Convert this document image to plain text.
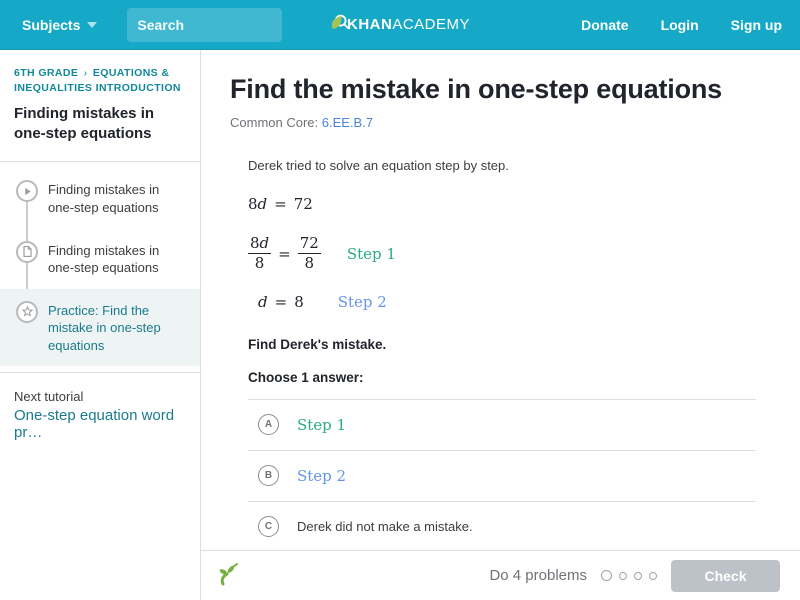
Subjects
Search	KHANACADEMY	Donate Login Sign up
6TH GRADE › EQUATIONS & INEQUALITIES INTRODUCTION
Finding mistakes in one-step equations
Finding mistakes in one-step equations
Finding mistakes in one-step equations
Practice: Find the mistake in one-step equations
Next tutorial
One-step equation word pr…
Find the mistake in one-step equations
Common Core: 6.EE.B.7
Derek tried to solve an equation step by step.
8d = 72
$\frac{8d}{8} = \frac{72}{8}$ Step 1
d = 8 Step 2
Find Derek's mistake.
Choose 1 answer:
A	Step 1
B	Step 2
C	Derek did not make a mistake.
Do 4 problems	Check
